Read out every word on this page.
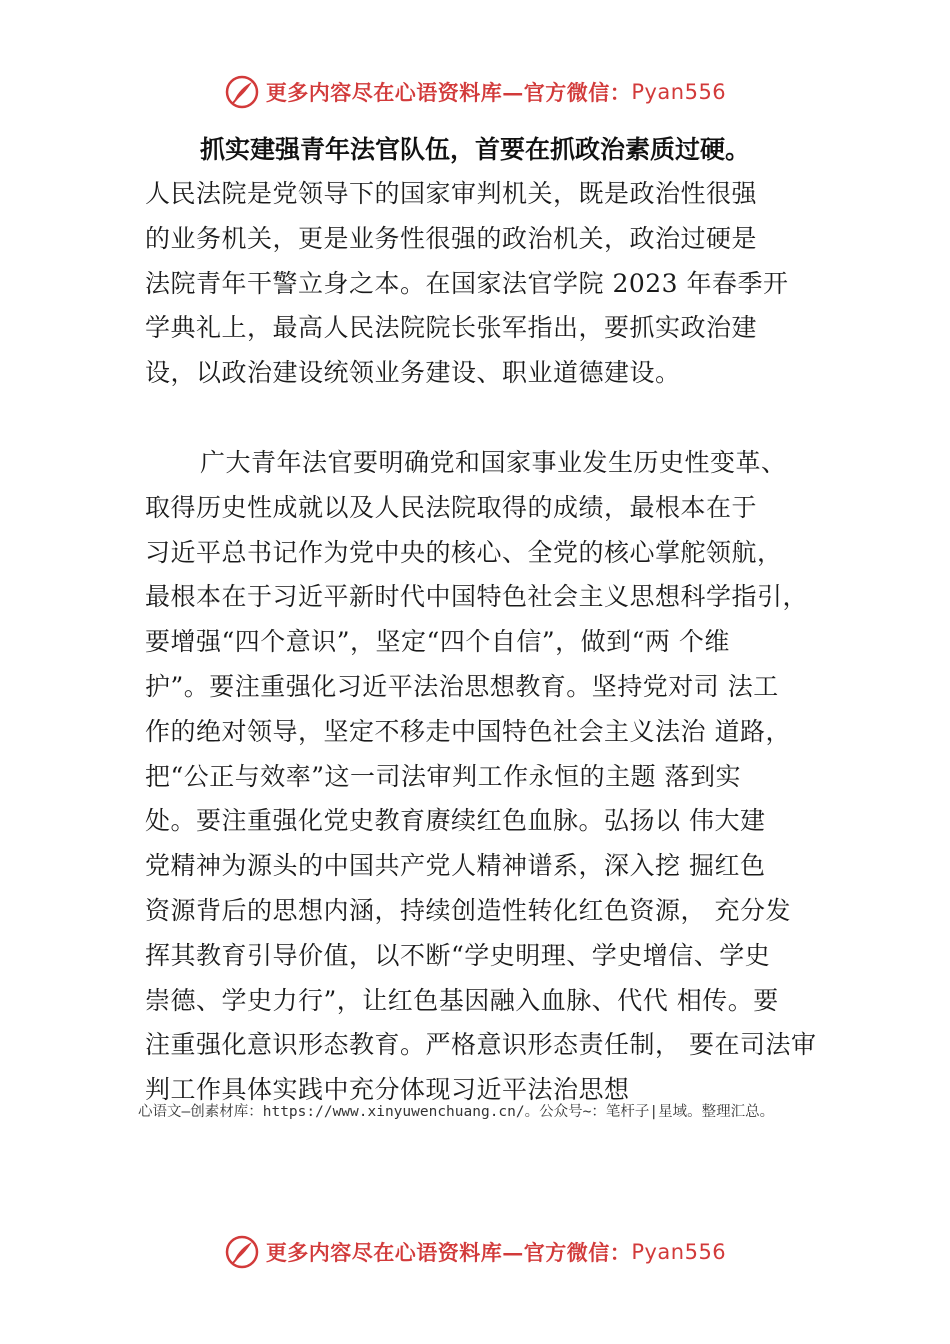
更多内容尽在心语资料库—官方微信： Pyan556
抓实建强青年法官队伍，首要在抓政治素质过硬。

人民法院是党领导下的国家审判机关，既是政治性很强
的业务机关，更是业务性很强的政治机关，政治过硬是
法院青年干警立身之本。在国家法官学院 2023 年春季开
学典礼上，最高人民法院院长张军指出，要抓实政治建
设，以政治建设统领业务建设、职业道德建设。

广大青年法官要明确党和国家事业发生历史性变革、
取得历史性成就以及人民法院取得的成绩，最根本在于
习近平总书记作为党中央的核心、全党的核心掌舵领航，
最根本在于习近平新时代中国特色社会主义思想科学指引，
要增强“四个意识”，坚定“四个自信”，做到“两 个维
护”。要注重强化习近平法治思想教育。坚持党对司 法工
作的绝对领导，坚定不移走中国特色社会主义法治 道路，
把“公正与效率”这一司法审判工作永恒的主题 落到实
处。要注重强化党史教育赓续红色血脉。弘扬以 伟大建
党精神为源头的中国共产党人精神谱系，深入挖 掘红色
资源背后的思想内涵，持续创造性转化红色资源， 充分发
挥其教育引导价值，以不断“学史明理、学史增信、学史
崇德、学史力行”，让红色基因融入血脉、代代 相传。要
注重强化意识形态教育。严格意识形态责任制， 要在司法审
判工作具体实践中充分体现习近平法治思想

心语文—创素材库：https://www.xinyuwenchuang.cn/。公众号~：笔杆子|星域。整理汇总。
更多内容尽在心语资料库—官方微信： Pyan556
